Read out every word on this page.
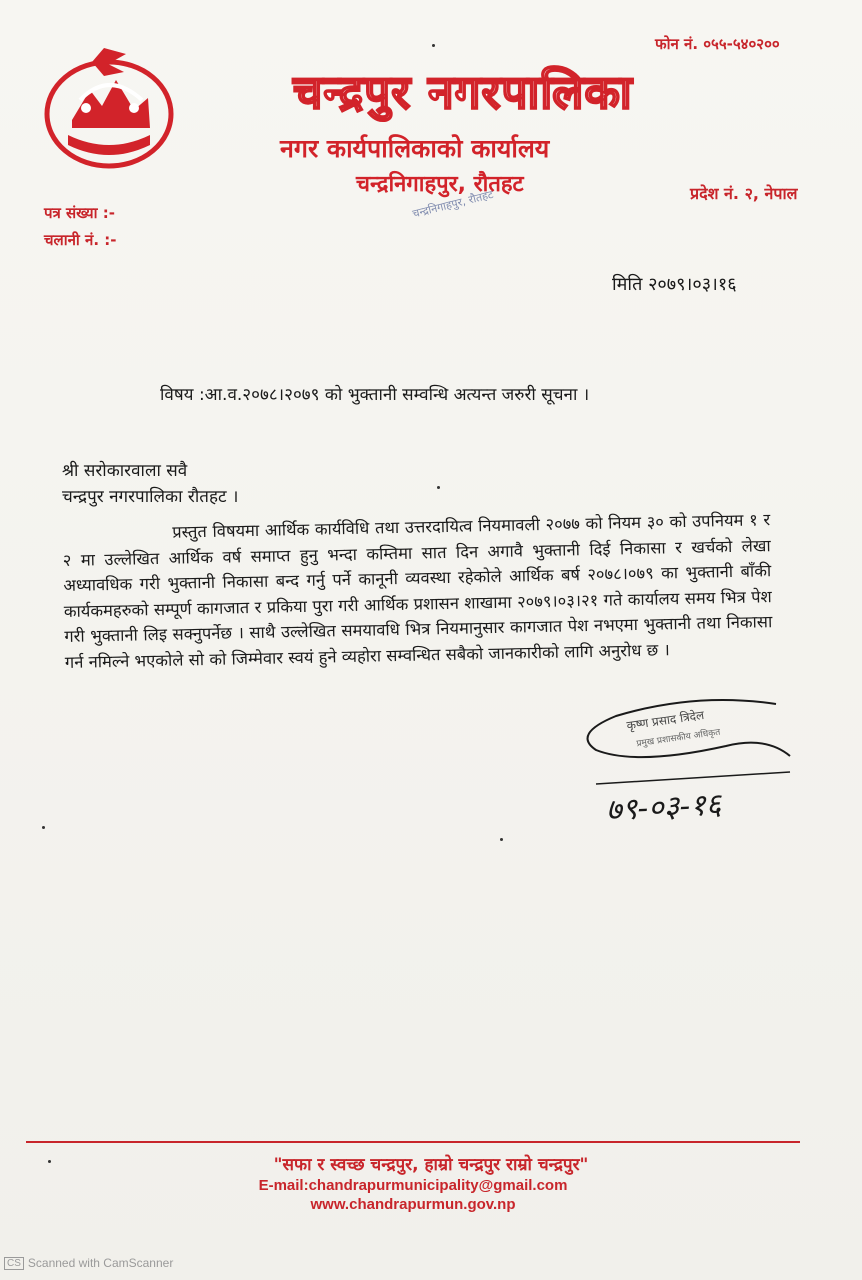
फोन नं. ०५५-५४०२००
चन्द्रपुर नगरपालिका
नगर कार्यपालिकाको कार्यालय
चन्द्रनिगाहपुर, रौतहट	प्रदेश नं. २, नेपाल
पत्र संख्या :-
चलानी नं. :-
चन्द्रनिगाहपुर, रौतहट
मिति २०७९।०३।१६
विषय :आ.व.२०७८।२०७९ को भुक्तानी सम्वन्धि अत्यन्त जरुरी सूचना ।
श्री सरोकारवाला सवै
चन्द्रपुर नगरपालिका रौतहट ।

प्रस्तुत विषयमा आर्थिक कार्यविधि तथा उत्तरदायित्व नियमावली २०७७ को नियम ३० को उपनियम १ र २ मा उल्लेखित आर्थिक वर्ष समाप्त हुनु भन्दा कम्तिमा सात दिन अगावै भुक्तानी दिई निकासा र खर्चको लेखा अध्यावधिक गरी भुक्तानी निकासा बन्द गर्नु पर्ने कानूनी व्यवस्था रहेकोले आर्थिक बर्ष २०७८।०७९ का भुक्तानी बाँकी कार्यकमहरुको सम्पूर्ण कागजात र प्रकिया पुरा गरी आर्थिक प्रशासन शाखामा २०७९।०३।२१ गते कार्यालय समय भित्र पेश गरी भुक्तानी लिइ सक्नुपर्नेछ । साथै उल्लेखित समयावधि भित्र नियमानुसार कागजात पेश नभएमा भुक्तानी तथा निकासा गर्न नमिल्ने भएकोले सो को जिम्मेवार स्वयं हुने व्यहोरा सम्वन्धित सबैको जानकारीको लागि अनुरोध छ ।

कृष्ण प्रसाद त्रिदेल
प्रमुख प्रशासकीय अधिकृत
७९-०३-१६
"सफा र स्वच्छ चन्द्रपुर, हाम्रो चन्द्रपुर राम्रो चन्द्रपुर"
E-mail:chandrapurmunicipality@gmail.com
www.chandrapurmun.gov.np
CS Scanned with CamScanner
